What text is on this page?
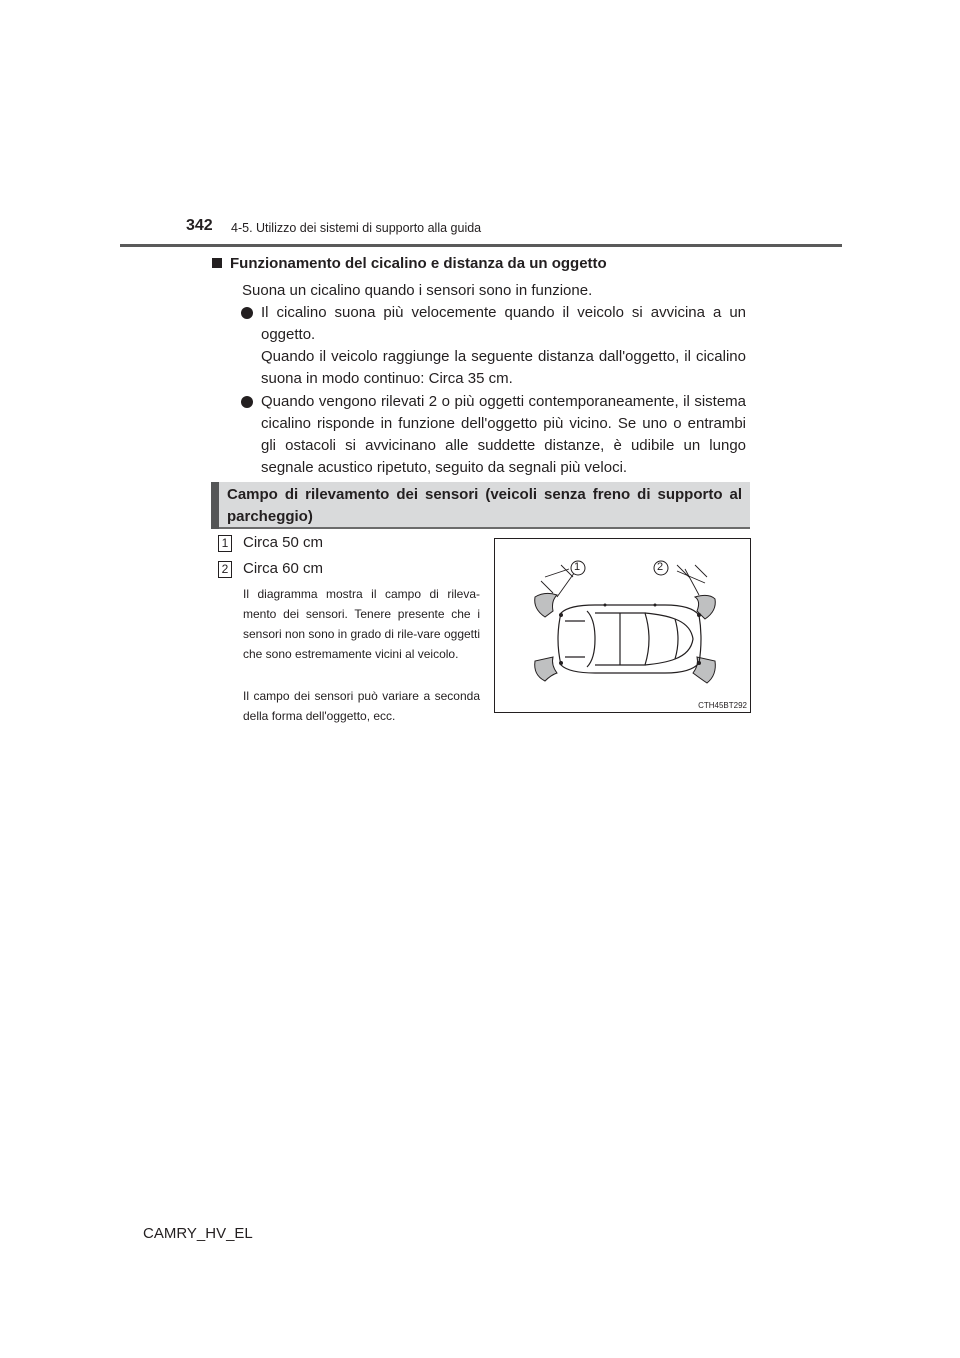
342 4-5. Utilizzo dei sistemi di supporto alla guida
Funzionamento del cicalino e distanza da un oggetto
Suona un cicalino quando i sensori sono in funzione.
Il cicalino suona più velocemente quando il veicolo si avvicina a un oggetto.
Quando il veicolo raggiunge la seguente distanza dall'oggetto, il cicalino suona in modo continuo: Circa 35 cm.
Quando vengono rilevati 2 o più oggetti contemporaneamente, il sistema cicalino risponde in funzione dell'oggetto più vicino. Se uno o entrambi gli ostacoli si avvicinano alle suddette distanze, è udibile un lungo segnale acustico ripetuto, seguito da segnali più veloci.
Campo di rilevamento dei sensori (veicoli senza freno di supporto al parcheggio)
1 Circa 50 cm
2 Circa 60 cm
Il diagramma mostra il campo di rileva-mento dei sensori. Tenere presente che i sensori non sono in grado di rile-vare oggetti che sono estremamente vicini al veicolo.
Il campo dei sensori può variare a seconda della forma dell'oggetto, ecc.
1	2
CTH45BT292
CAMRY_HV_EL
